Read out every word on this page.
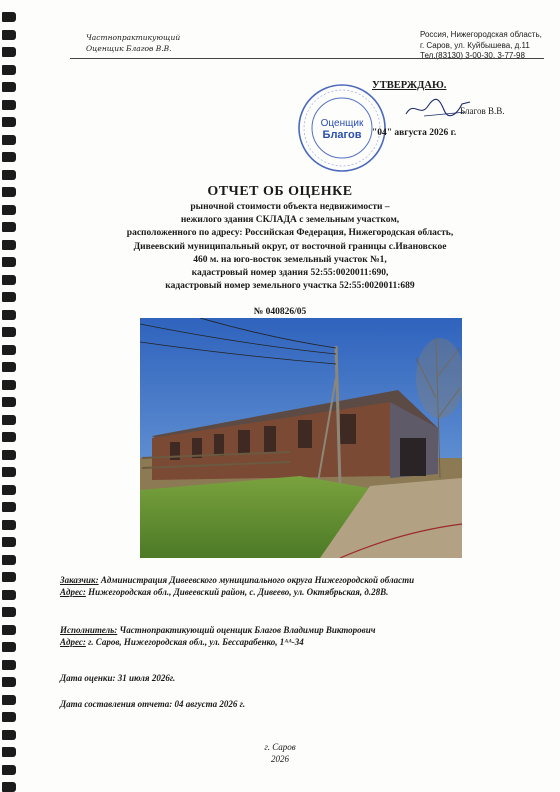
Частнопрактикующий
Оценщик Благов В.В.
Россия, Нижегородская область,
г. Саров, ул. Куйбышева, д.11
Тел.(83130) 3-00-30, 3-77-98
Оценщик
Благов
УТВЕРЖДАЮ.
Благов В.В.
"04" августа 2026 г.
ОТЧЕТ ОБ ОЦЕНКЕ
рыночной стоимости объекта недвижимости –
нежилого здания СКЛАДА с земельным участком,
расположенного по адресу: Российская Федерация, Нижегородская область,
Дивеевский муниципальный округ, от восточной границы с.Ивановское
460 м. на юго-восток земельный участок №1,
кадастровый номер здания 52:55:0020011:690,
кадастровый номер земельного участка 52:55:0020011:689
№ 040826/05
Заказчик: Администрация Дивеевского муниципального округа Нижегородской области
Адрес: Нижегородская обл., Дивеевский район, с. Дивеево, ул. Октябрьская, д.28В.
Исполнитель: Частнопрактикующий оценщик Благов Владимир Викторович
Адрес: г. Саров, Нижегородская обл., ул. Бессарабенко, 1ᴬᴬ-34
Дата оценки: 31 июля 2026г.
Дата составления отчета: 04 августа 2026 г.
г. Саров
2026
